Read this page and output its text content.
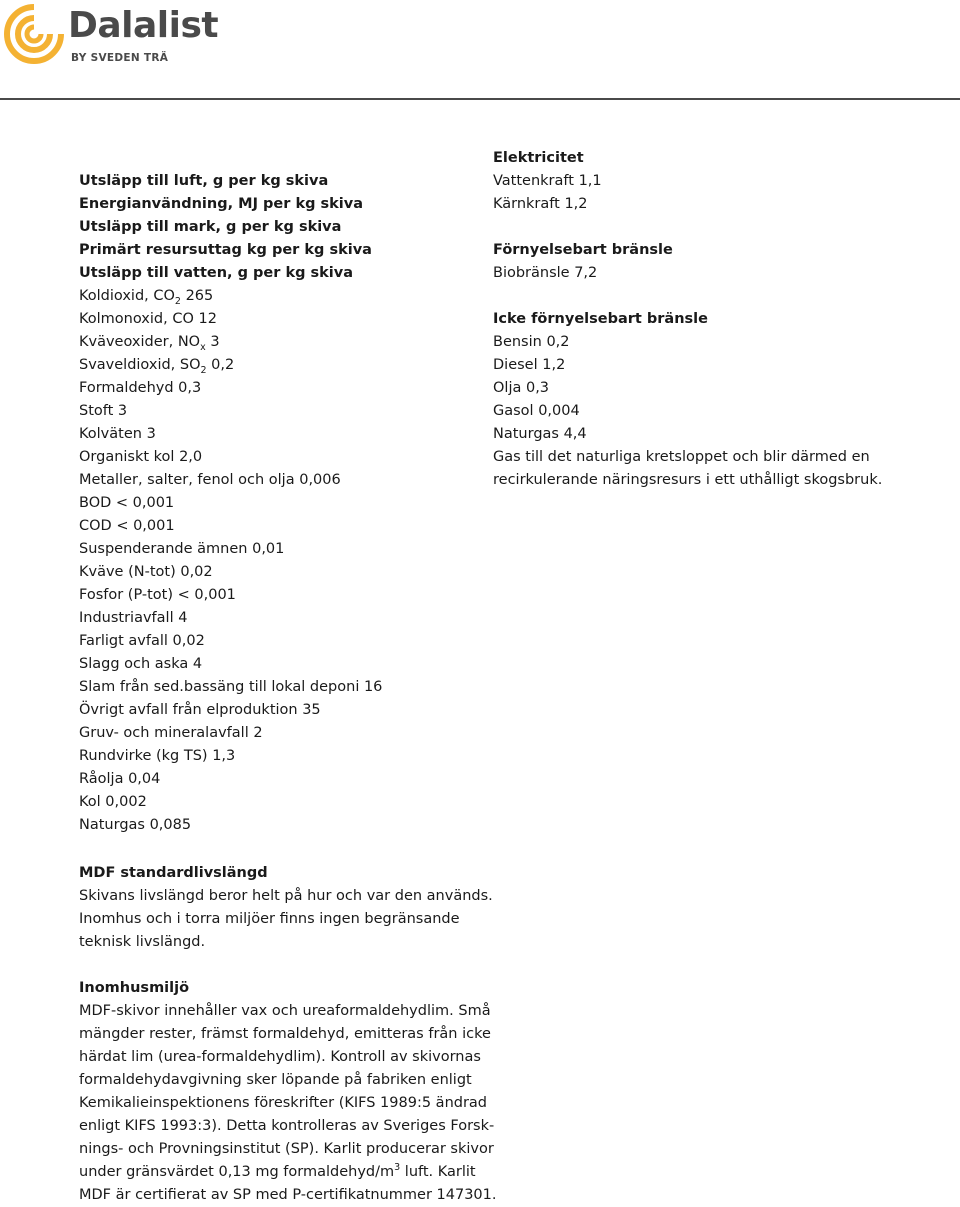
Dalalist
BY SVEDEN TRÄ
Utsläpp till luft, g per kg skiva
Energianvändning, MJ per kg skiva
Utsläpp till mark, g per kg skiva
Primärt resursuttag kg per kg skiva
Utsläpp till vatten, g per kg skiva
Koldioxid, $CO_2$ 265
Kolmonoxid, CO 12
Kväveoxider, $NO_x$ 3
Svaveldioxid, $SO_2$ 0,2
Formaldehyd 0,3
Stoft 3
Kolväten 3
Organiskt kol 2,0
Metaller, salter, fenol och olja 0,006
BOD < 0,001
COD < 0,001
Suspenderande ämnen 0,01
Kväve (N-tot) 0,02
Fosfor (P-tot) < 0,001
Industriavfall 4
Farligt avfall 0,02
Slagg och aska 4
Slam från sed.bassäng till lokal deponi 16
Övrigt avfall från elproduktion 35
Gruv- och mineralavfall 2
Rundvirke (kg TS) 1,3
Råolja 0,04
Kol 0,002
Naturgas 0,085
Elektricitet
Vattenkraft 1,1
Kärnkraft 1,2
Förnyelsebart bränsle
Biobränsle 7,2
Icke förnyelsebart bränsle
Bensin 0,2
Diesel 1,2
Olja 0,3
Gasol 0,004
Naturgas 4,4
Gas till det naturliga kretsloppet och blir därmed en
recirkulerande näringsresurs i ett uthålligt skogsbruk.
MDF standardlivslängd
Skivans livslängd beror helt på hur och var den används.
Inomhus och i torra miljöer finns ingen begränsande
teknisk livslängd.
Inomhusmiljö
MDF-skivor innehåller vax och ureaformaldehydlim. Små
mängder rester, främst formaldehyd, emitteras från icke
härdat lim (urea-formaldehydlim). Kontroll av skivornas
formaldehydavgivning sker löpande på fabriken enligt
Kemikalieinspektionens föreskrifter (KIFS 1989:5 ändrad
enligt KIFS 1993:3). Detta kontrolleras av Sveriges Forsk-
nings- och Provningsinstitut (SP). Karlit producerar skivor
under gränsvärdet 0,13 mg formaldehyd/$m^3$ luft. Karlit
MDF är certifierat av SP med P-certifikatnummer 147301.
